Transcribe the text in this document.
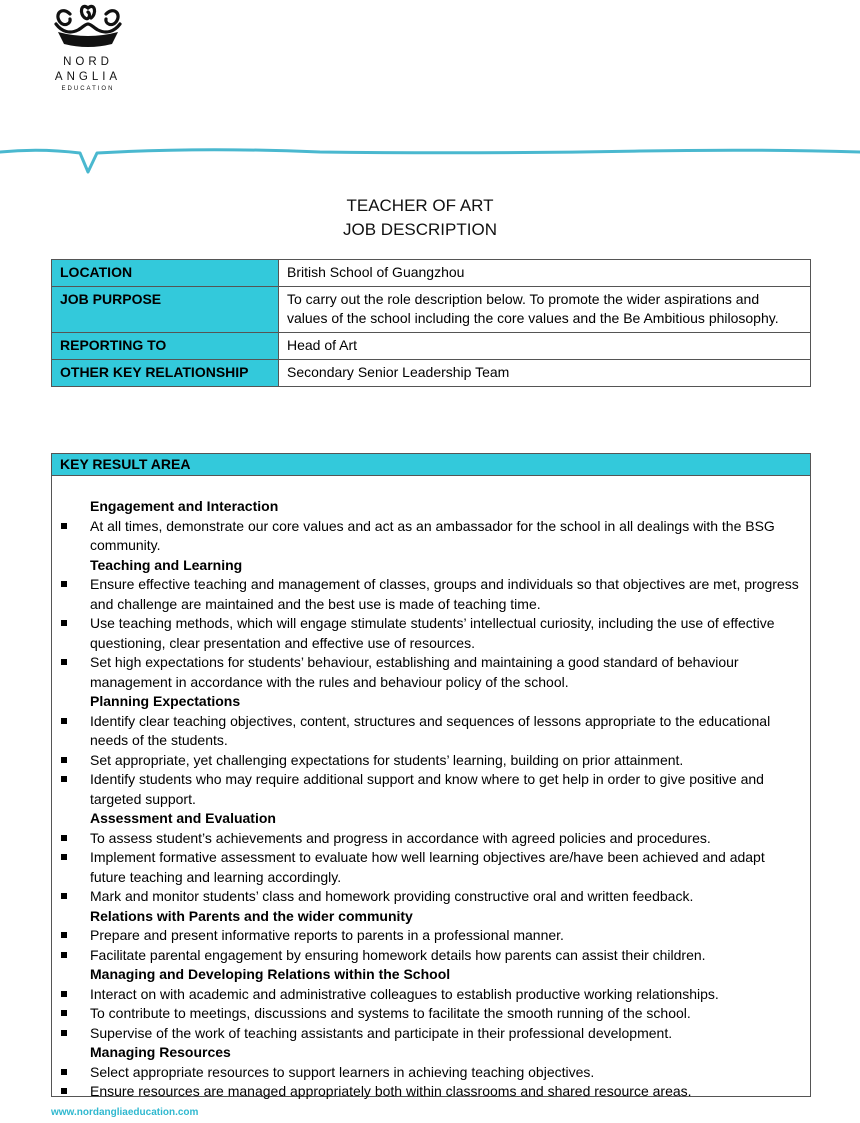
NORD
ANGLIA
EDUCATION
TEACHER OF ART
JOB DESCRIPTION
LOCATION	British School of Guangzhou
JOB PURPOSE	To carry out the role description below. To promote the wider aspirations and values of the school including the core values and the Be Ambitious philosophy.
REPORTING TO	Head of Art
OTHER KEY RELATIONSHIP	Secondary Senior Leadership Team
KEY RESULT AREA
Engagement and Interaction
At all times, demonstrate our core values and act as an ambassador for the school in all dealings with the BSG community.
Teaching and Learning
Ensure effective teaching and management of classes, groups and individuals so that objectives are met, progress and challenge are maintained and the best use is made of teaching time.
Use teaching methods, which will engage stimulate students’ intellectual curiosity, including the use of effective questioning, clear presentation and effective use of resources.
Set high expectations for students’ behaviour, establishing and maintaining a good standard of behaviour management in accordance with the rules and behaviour policy of the school.
Planning Expectations
Identify clear teaching objectives, content, structures and sequences of lessons appropriate to the educational needs of the students.
Set appropriate, yet challenging expectations for students’ learning, building on prior attainment.
Identify students who may require additional support and know where to get help in order to give positive and targeted support.
Assessment and Evaluation
To assess student’s achievements and progress in accordance with agreed policies and procedures.
Implement formative assessment to evaluate how well learning objectives are/have been achieved and adapt future teaching and learning accordingly.
Mark and monitor students’ class and homework providing constructive oral and written feedback.
Relations with Parents and the wider community
Prepare and present informative reports to parents in a professional manner.
Facilitate parental engagement by ensuring homework details how parents can assist their children.
Managing and Developing Relations within the School
Interact on with academic and administrative colleagues to establish productive working relationships.
To contribute to meetings, discussions and systems to facilitate the smooth running of the school.
Supervise of the work of teaching assistants and participate in their professional development.
Managing Resources
Select appropriate resources to support learners in achieving teaching objectives.
Ensure resources are managed appropriately both within classrooms and shared resource areas.
www.nordangliaeducation.com
